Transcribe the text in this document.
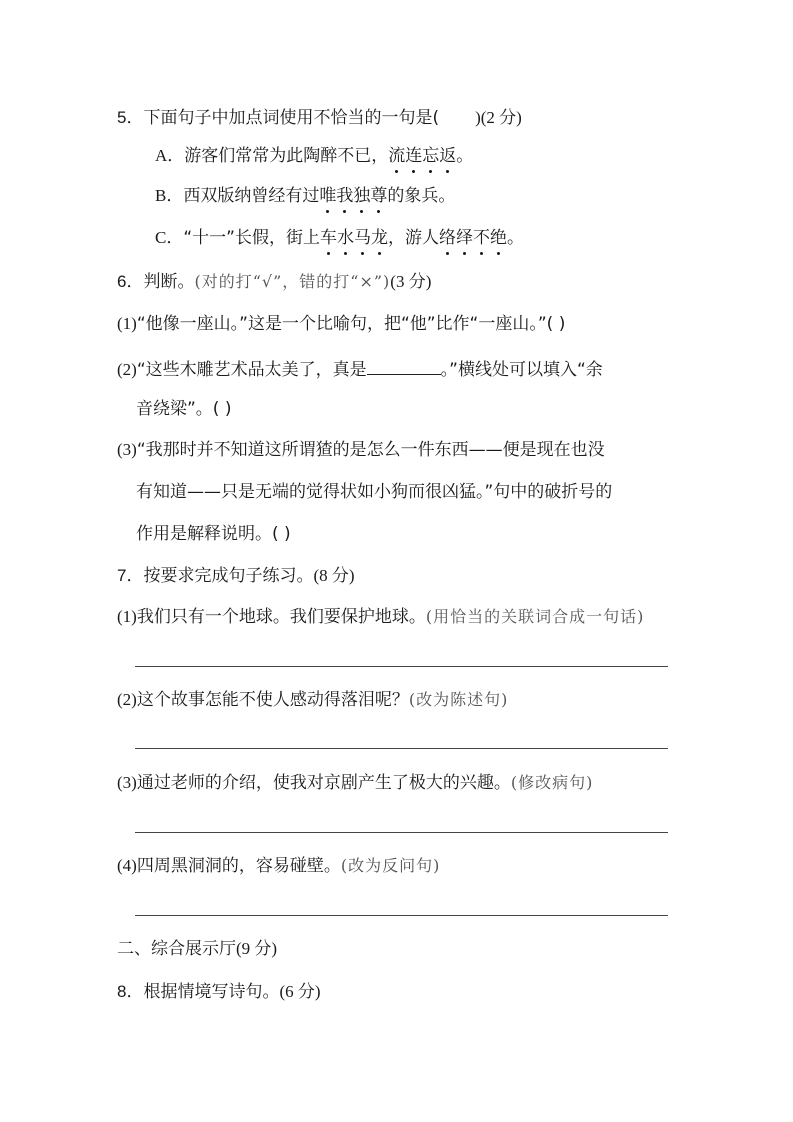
5．下面句子中加点词使用不恰当的一句是( )(2 分)
A．游客们常常为此陶醉不已，流连忘返。
B．西双版纳曾经有过唯我独尊的象兵。
C．“十一”长假，街上车水马龙，游人络绎不绝。
6．判断。(对的打“√”，错的打“×”)(3 分)
(1)“他像一座山。”这是一个比喻句，把“他”比作“一座山。”( )
(2)“这些木雕艺术品太美了，真是	。”横线处可以填入“余
音绕梁”。( )
(3)“我那时并不知道这所谓猹的是怎么一件东西——便是现在也没
有知道——只是无端的觉得状如小狗而很凶猛。”句中的破折号的
作用是解释说明。( )
7．按要求完成句子练习。(8 分)
(1)我们只有一个地球。我们要保护地球。(用恰当的关联词合成一句话)
(2)这个故事怎能不使人感动得落泪呢？(改为陈述句)
(3)通过老师的介绍，使我对京剧产生了极大的兴趣。(修改病句)
(4)四周黑洞洞的，容易碰壁。(改为反问句)
二、综合展示厅(9 分)
8．根据情境写诗句。(6 分)
